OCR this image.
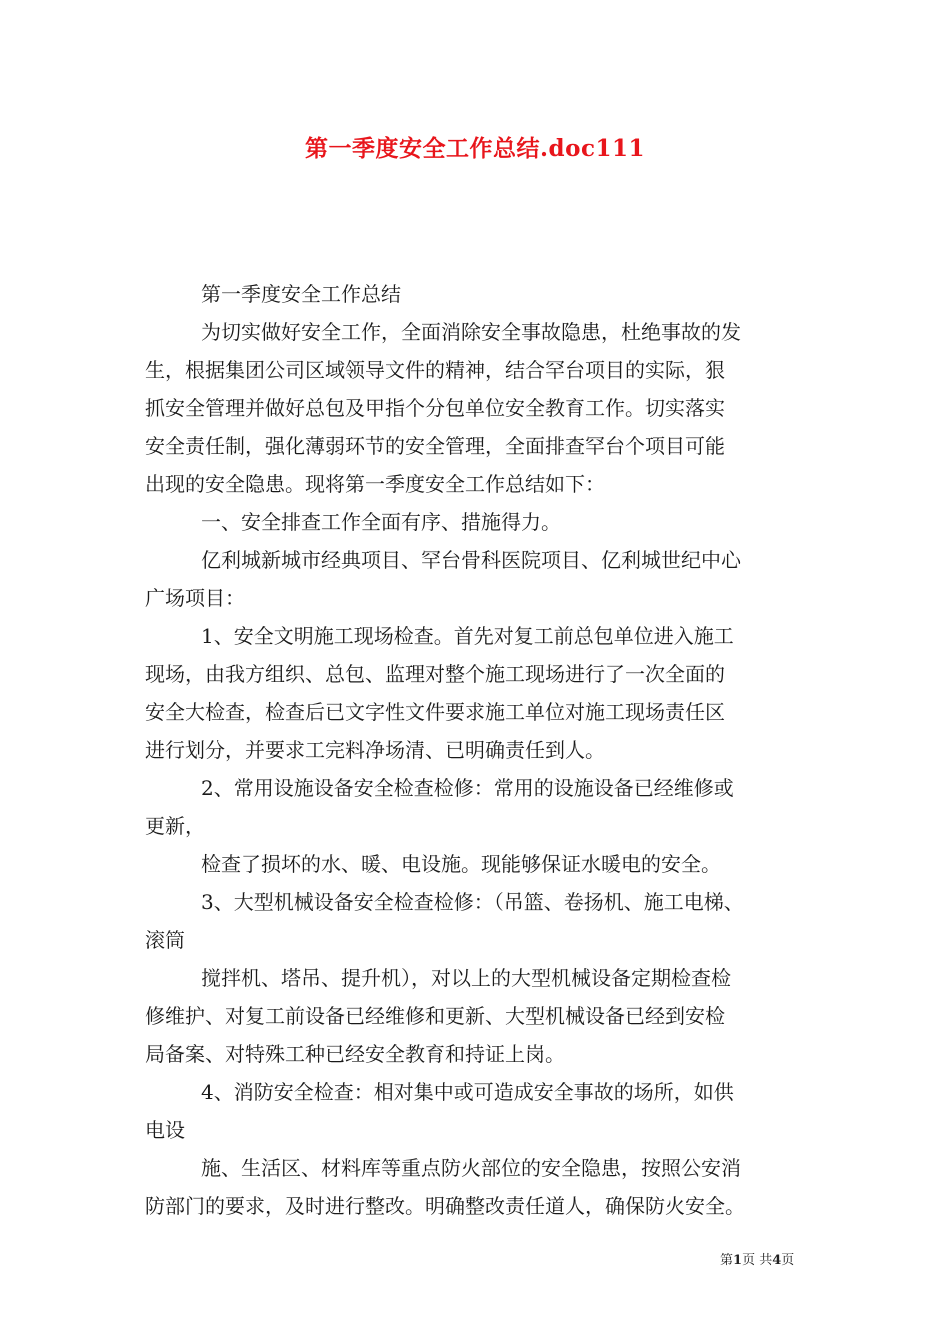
第一季度安全工作总结.doc111
第一季度安全工作总结
为切实做好安全工作，全面消除安全事故隐患，杜绝事故的发
生，根据集团公司区域领导文件的精神，结合罕台项目的实际，狠
抓安全管理并做好总包及甲指个分包单位安全教育工作。切实落实
安全责任制，强化薄弱环节的安全管理，全面排查罕台个项目可能
出现的安全隐患。现将第一季度安全工作总结如下：
一、安全排查工作全面有序、措施得力。
亿利城新城市经典项目、罕台骨科医院项目、亿利城世纪中心
广场项目：
1、安全文明施工现场检查。首先对复工前总包单位进入施工
现场，由我方组织、总包、监理对整个施工现场进行了一次全面的
安全大检查，检查后已文字性文件要求施工单位对施工现场责任区
进行划分，并要求工完料净场清、已明确责任到人。
2、常用设施设备安全检查检修：常用的设施设备已经维修或
更新，
检查了损坏的水、暖、电设施。现能够保证水暖电的安全。
3、大型机械设备安全检查检修：（吊篮、卷扬机、施工电梯、
滚筒
搅拌机、塔吊、提升机），对以上的大型机械设备定期检查检
修维护、对复工前设备已经维修和更新、大型机械设备已经到安检
局备案、对特殊工种已经安全教育和持证上岗。
4、消防安全检查：相对集中或可造成安全事故的场所，如供
电设
施、生活区、材料库等重点防火部位的安全隐患，按照公安消
防部门的要求，及时进行整改。明确整改责任道人，确保防火安全。
第1页 共4页
